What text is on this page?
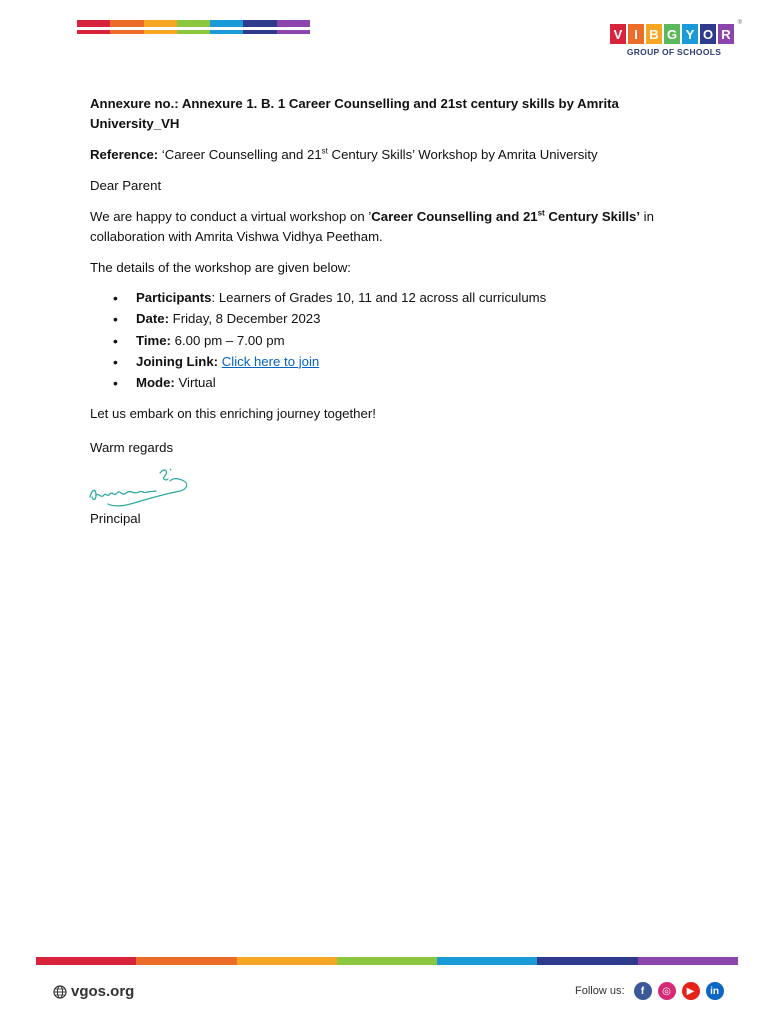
V I B G Y O R
®
GROUP OF SCHOOLS

Annexure no.: Annexure 1. B. 1 Career Counselling and 21st century skills by Amrita University_VH

Reference: ‘Career Counselling and 21st Century Skills’ Workshop by Amrita University

Dear Parent

We are happy to conduct a virtual workshop on ’Career Counselling and 21st Century Skills’ in collaboration with Amrita Vishwa Vidhya Peetham.

The details of the workshop are given below:

• Participants: Learners of Grades 10, 11 and 12 across all curriculums
• Date: Friday, 8 December 2023
• Time: 6.00 pm – 7.00 pm
• Joining Link: Click here to join
• Mode: Virtual

Let us embark on this enriching journey together!

Warm regards

Principal

vgos.org	Follow us:	f	◎	▶	in
